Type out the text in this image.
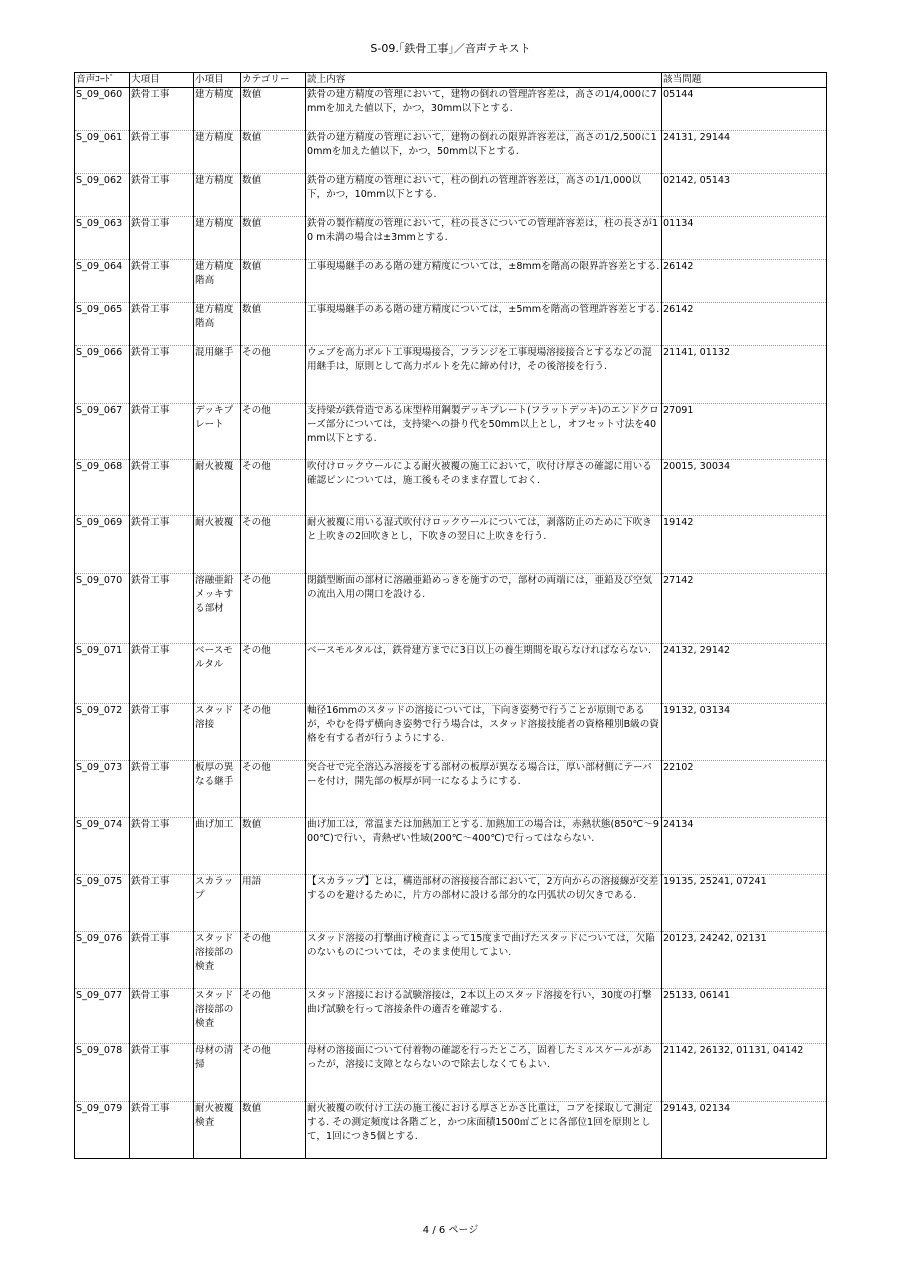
S-09.｢鉄骨工事｣／音声テキスト
音声ｺｰﾄﾞ	大項目	小項目	カテゴリー	読上内容	該当問題
S_09_060	鉄骨工事	建方精度	数値	鉄骨の建方精度の管理において，建物の倒れの管理許容差は，高さの1/4,000に7mmを加えた値以下，かつ，30mm以下とする.	05144
S_09_061	鉄骨工事	建方精度	数値	鉄骨の建方精度の管理において，建物の倒れの限界許容差は，高さの1/2,500に10mmを加えた値以下，かつ，50mm以下とする.	24131, 29144
S_09_062	鉄骨工事	建方精度	数値	鉄骨の建方精度の管理において，柱の倒れの管理許容差は，高さの1/1,000以下，かつ，10mm以下とする.	02142, 05143
S_09_063	鉄骨工事	建方精度	数値	鉄骨の製作精度の管理において，柱の長さについての管理許容差は，柱の長さが10 m未満の場合は±3mmとする.	01134
S_09_064	鉄骨工事	建方精度階高	数値	工事現場継手のある階の建方精度については，±8mmを階高の限界許容差とする.	26142
S_09_065	鉄骨工事	建方精度階高	数値	工事現場継手のある階の建方精度については，±5mmを階高の管理許容差とする.	26142
S_09_066	鉄骨工事	混用継手	その他	ウェブを高力ボルト工事現場接合，フランジを工事現場溶接接合とするなどの混用継手は，原則として高力ボルトを先に締め付け，その後溶接を行う.	21141, 01132
S_09_067	鉄骨工事	デッキプレート	その他	支持梁が鉄骨造である床型枠用鋼製デッキプレート(フラットデッキ)のエンドクローズ部分については，支持梁への掛り代を50mm以上とし，オフセット寸法を40mm以下とする.	27091
S_09_068	鉄骨工事	耐火被覆	その他	吹付けロックウールによる耐火被覆の施工において，吹付け厚さの確認に用いる確認ピンについては，施工後もそのまま存置しておく.	20015, 30034
S_09_069	鉄骨工事	耐火被覆	その他	耐火被覆に用いる湿式吹付けロックウールについては，剥落防止のために下吹きと上吹きの2回吹きとし，下吹きの翌日に上吹きを行う.	19142
S_09_070	鉄骨工事	溶融亜鉛メッキする部材	その他	閉鎖型断面の部材に溶融亜鉛めっきを施すので，部材の両端には，亜鉛及び空気の流出入用の開口を設ける.	27142
S_09_071	鉄骨工事	ベースモルタル	その他	ベースモルタルは，鉄骨建方までに3日以上の養生期間を取らなければならない.	24132, 29142
S_09_072	鉄骨工事	スタッド溶接	その他	軸径16mmのスタッドの溶接については，下向き姿勢で行うことが原則であるが，やむを得ず横向き姿勢で行う場合は，スタッド溶接技能者の資格種別B級の資格を有する者が行うようにする.	19132, 03134
S_09_073	鉄骨工事	板厚の異なる継手	その他	突合せで完全溶込み溶接をする部材の板厚が異なる場合は，厚い部材側にテーパーを付け，開先部の板厚が同一になるようにする.	22102
S_09_074	鉄骨工事	曲げ加工	数値	曲げ加工は，常温または加熱加工とする. 加熱加工の場合は，赤熱状態(850℃～900℃)で行い，青熱ぜい性域(200℃～400℃)で行ってはならない.	24134
S_09_075	鉄骨工事	スカラップ	用語	【スカラップ】とは，構造部材の溶接接合部において，2方向からの溶接線が交差するのを避けるために，片方の部材に設ける部分的な円弧状の切欠きである.	19135, 25241, 07241
S_09_076	鉄骨工事	スタッド溶接部の検査	その他	スタッド溶接の打撃曲げ検査によって15度まで曲げたスタッドについては，欠陥のないものについては，そのまま使用してよい.	20123, 24242, 02131
S_09_077	鉄骨工事	スタッド溶接部の検査	その他	スタッド溶接における試験溶接は，2本以上のスタッド溶接を行い，30度の打撃曲げ試験を行って溶接条件の適否を確認する.	25133, 06141
S_09_078	鉄骨工事	母材の清掃	その他	母材の溶接面について付着物の確認を行ったところ，固着したミルスケールがあったが，溶接に支障とならないので除去しなくてもよい.	21142, 26132, 01131, 04142
S_09_079	鉄骨工事	耐火被覆検査	数値	耐火被覆の吹付け工法の施工後における厚さとかさ比重は，コアを採取して測定する. その測定頻度は各階ごと，かつ床面積1500㎡ごとに各部位1回を原則として，1回につき5個とする.	29143, 02134
4 / 6 ページ
